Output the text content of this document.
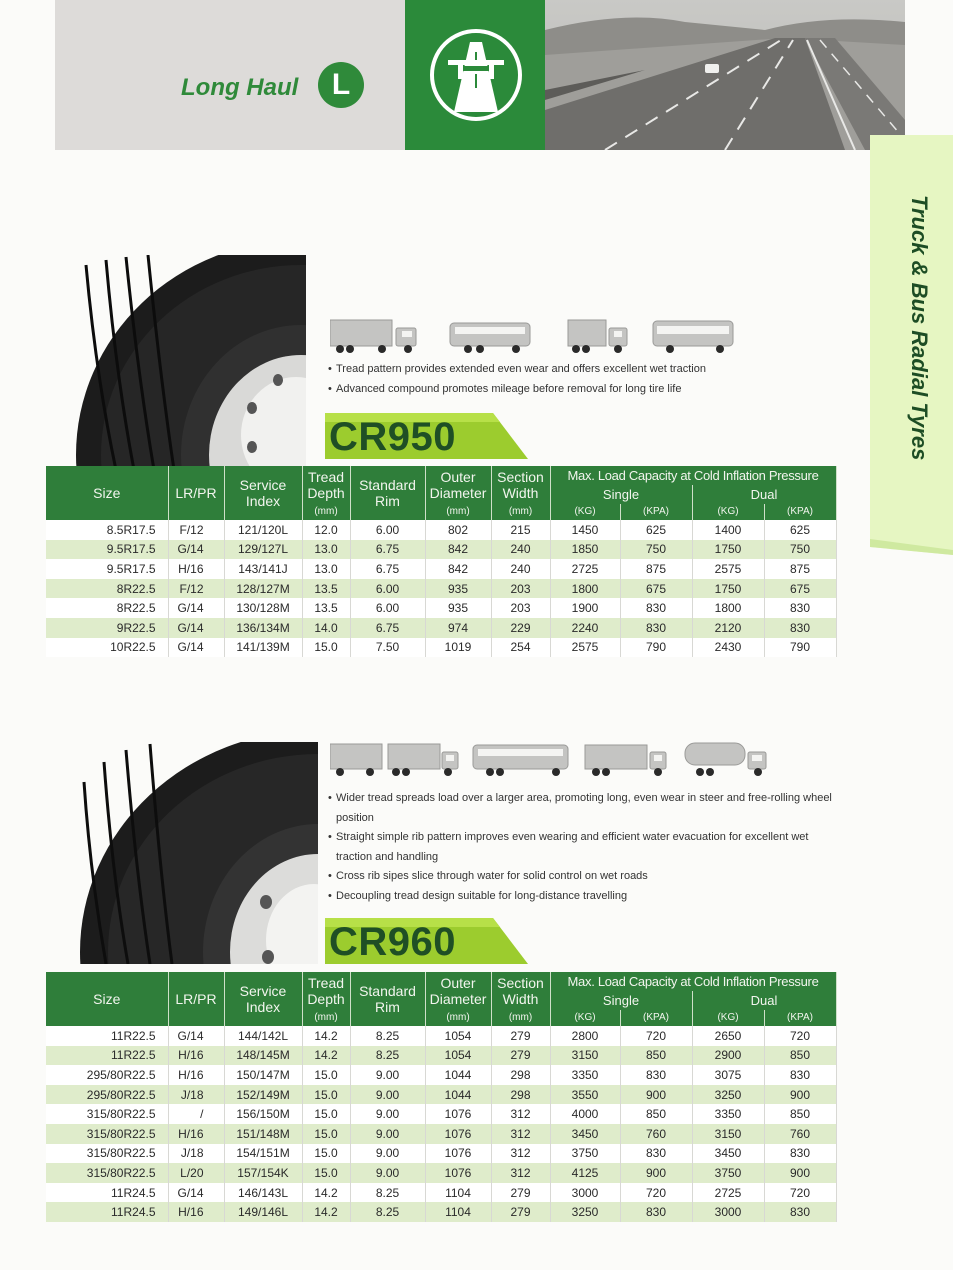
Long Haul	L
Truck & Bus Radial Tyres
• Tread pattern provides extended even wear and offers excellent wet traction
• Advanced compound promotes mileage before removal for long tire life
CR950
Size	LR/PR	Service Index	Tread Depth	Standard Rim	Outer Diameter	Section Width	Max. Load Capacity at Cold Inflation Pressure			
							Single		Dual	
			(mm)		(mm)	(mm)	(KG)	(KPA)	(KG)	(KPA)
8.5R17.5	F/12	121/120L	12.0	6.00	802	215	1450	625	1400	625
9.5R17.5	G/14	129/127L	13.0	6.75	842	240	1850	750	1750	750
9.5R17.5	H/16	143/141J	13.0	6.75	842	240	2725	875	2575	875
8R22.5	F/12	128/127M	13.5	6.00	935	203	1800	675	1750	675
8R22.5	G/14	130/128M	13.5	6.00	935	203	1900	830	1800	830
9R22.5	G/14	136/134M	14.0	6.75	974	229	2240	830	2120	830
10R22.5	G/14	141/139M	15.0	7.50	1019	254	2575	790	2430	790
• Wider tread spreads load over a larger area, promoting long, even wear in steer and free-rolling wheel position
• Straight simple rib pattern improves even wearing and efficient water evacuation for excellent wet traction and handling
• Cross rib sipes slice through water for solid control on wet roads
• Decoupling tread design suitable for long-distance travelling
CR960
Size	LR/PR	Service Index	Tread Depth	Standard Rim	Outer Diameter	Section Width	Max. Load Capacity at Cold Inflation Pressure			
							Single		Dual	
			(mm)		(mm)	(mm)	(KG)	(KPA)	(KG)	(KPA)
11R22.5	G/14	144/142L	14.2	8.25	1054	279	2800	720	2650	720
11R22.5	H/16	148/145M	14.2	8.25	1054	279	3150	850	2900	850
295/80R22.5	H/16	150/147M	15.0	9.00	1044	298	3350	830	3075	830
295/80R22.5	J/18	152/149M	15.0	9.00	1044	298	3550	900	3250	900
315/80R22.5	/	156/150M	15.0	9.00	1076	312	4000	850	3350	850
315/80R22.5	H/16	151/148M	15.0	9.00	1076	312	3450	760	3150	760
315/80R22.5	J/18	154/151M	15.0	9.00	1076	312	3750	830	3450	830
315/80R22.5	L/20	157/154K	15.0	9.00	1076	312	4125	900	3750	900
11R24.5	G/14	146/143L	14.2	8.25	1104	279	3000	720	2725	720
11R24.5	H/16	149/146L	14.2	8.25	1104	279	3250	830	3000	830
